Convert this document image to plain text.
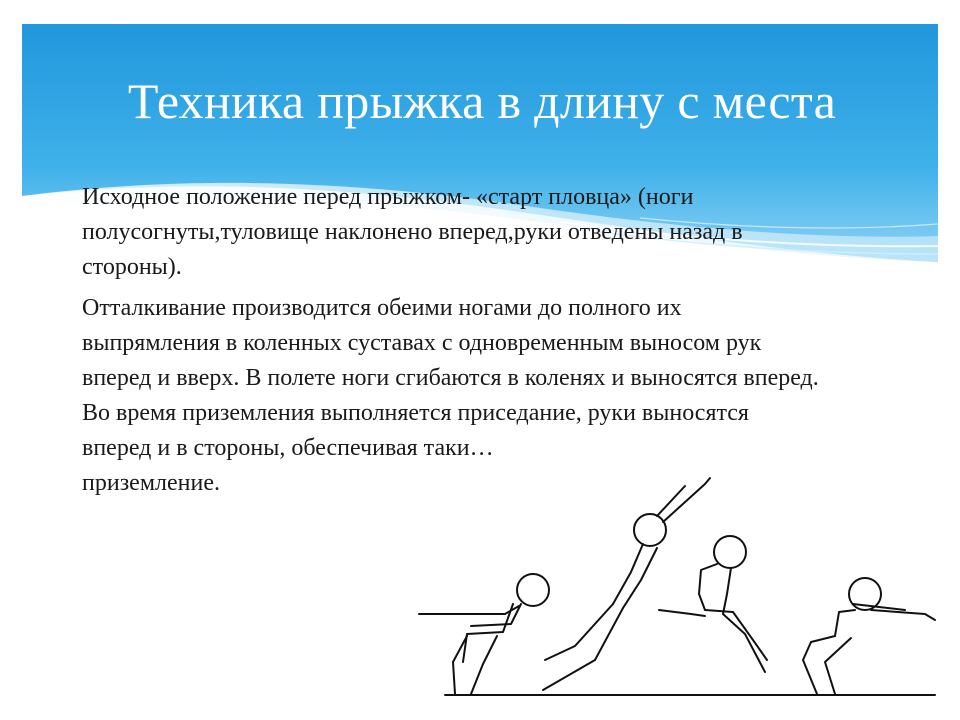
Техника прыжка в длину с места

Исходное положение перед прыжком- «старт пловца» (ноги полусогнуты,туловище наклонено вперед,руки отведены назад в стороны).

Отталкивание производится обеими ногами до полного их выпрямления в коленных суставах с одновременным выносом рук вперед и вверх. В полете ноги сгибаются в коленях и выносятся вперед. Во время приземления выполняется приседание, руки выносятся вперед и в стороны, обеспечивая таки…

приземление.
